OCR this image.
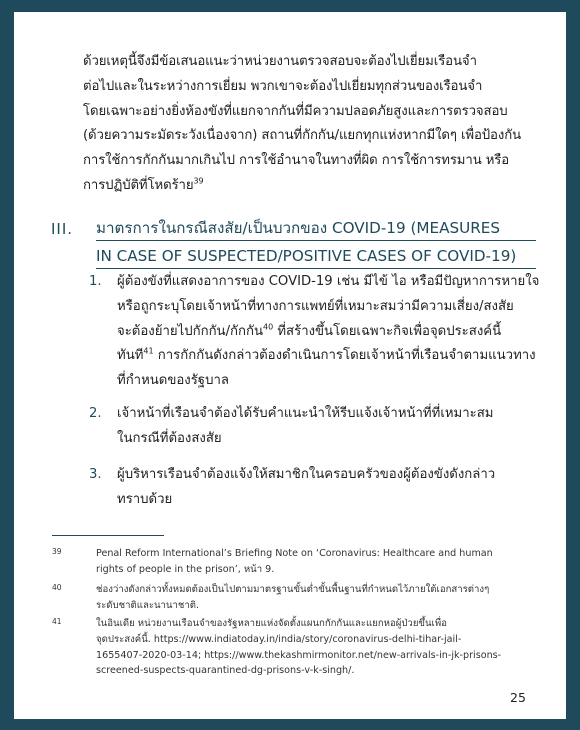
ด้วยเหตุนี้จึงมีข้อเสนอแนะว่าหน่วยงานตรวจสอบจะต้องไปเยี่ยมเรือนจำ
ต่อไปและในระหว่างการเยี่ยม พวกเขาจะต้องไปเยี่ยมทุกส่วนของเรือนจำ
โดยเฉพาะอย่างยิ่งห้องขังที่แยกจากกันที่มีความปลอดภัยสูงและการตรวจสอบ
(ด้วยความระมัดระวังเนื่องจาก) สถานที่กักกัน/แยกทุกแห่งหากมีใดๆ เพื่อป้องกัน
การใช้การกักกันมากเกินไป การใช้อำนาจในทางที่ผิด การใช้การทรมาน หรือ
การปฏิบัติที่โหดร้าย$^{39}$
III. มาตรการในกรณีสงสัย/เป็นบวกของ COVID-19 (MEASURES
IN CASE OF SUSPECTED/POSITIVE CASES OF COVID-19)
1. ผู้ต้องขังที่แสดงอาการของ COVID-19 เช่น มีไข้ ไอ หรือมีปัญหาการหายใจ
หรือถูกระบุโดยเจ้าหน้าที่ทางการแพทย์ที่เหมาะสมว่ามีความเสี่ยง/สงสัย
จะต้องย้ายไปกักกัน/กักกัน$^{40}$ ที่สร้างขึ้นโดยเฉพาะกิจเพื่อจุดประสงค์นี้
ทันที$^{41}$ การกักกันดังกล่าวต้องดำเนินการโดยเจ้าหน้าที่เรือนจำตามแนวทาง
ที่กำหนดของรัฐบาล
2. เจ้าหน้าที่เรือนจำต้องได้รับคำแนะนำให้รีบแจ้งเจ้าหน้าที่ที่เหมาะสม
ในกรณีที่ต้องสงสัย
3. ผู้บริหารเรือนจำต้องแจ้งให้สมาชิกในครอบครัวของผู้ต้องขังดังกล่าว
ทราบด้วย
39	Penal Reform International’s Briefing Note on ‘Coronavirus: Healthcare and human
rights of people in the prison’, หน้า 9.
40	ช่องว่างดังกล่าวทั้งหมดต้องเป็นไปตามมาตรฐานขั้นต่ำขั้นพื้นฐานที่กำหนดไว้ภายใต้เอกสารต่างๆ
ระดับชาติและนานาชาติ.
41	ในอินเดีย หน่วยงานเรือนจำของรัฐหลายแห่งจัดตั้งแผนกกักกันและแยกหอผู้ป่วยขึ้นเพื่อ
จุดประสงค์นี้. https://www.indiatoday.in/india/story/coronavirus-delhi-tihar-jail-
1655407-2020-03-14; https://www.thekashmirmonitor.net/new-arrivals-in-jk-prisons-
screened-suspects-quarantined-dg-prisons-v-k-singh/.
25
